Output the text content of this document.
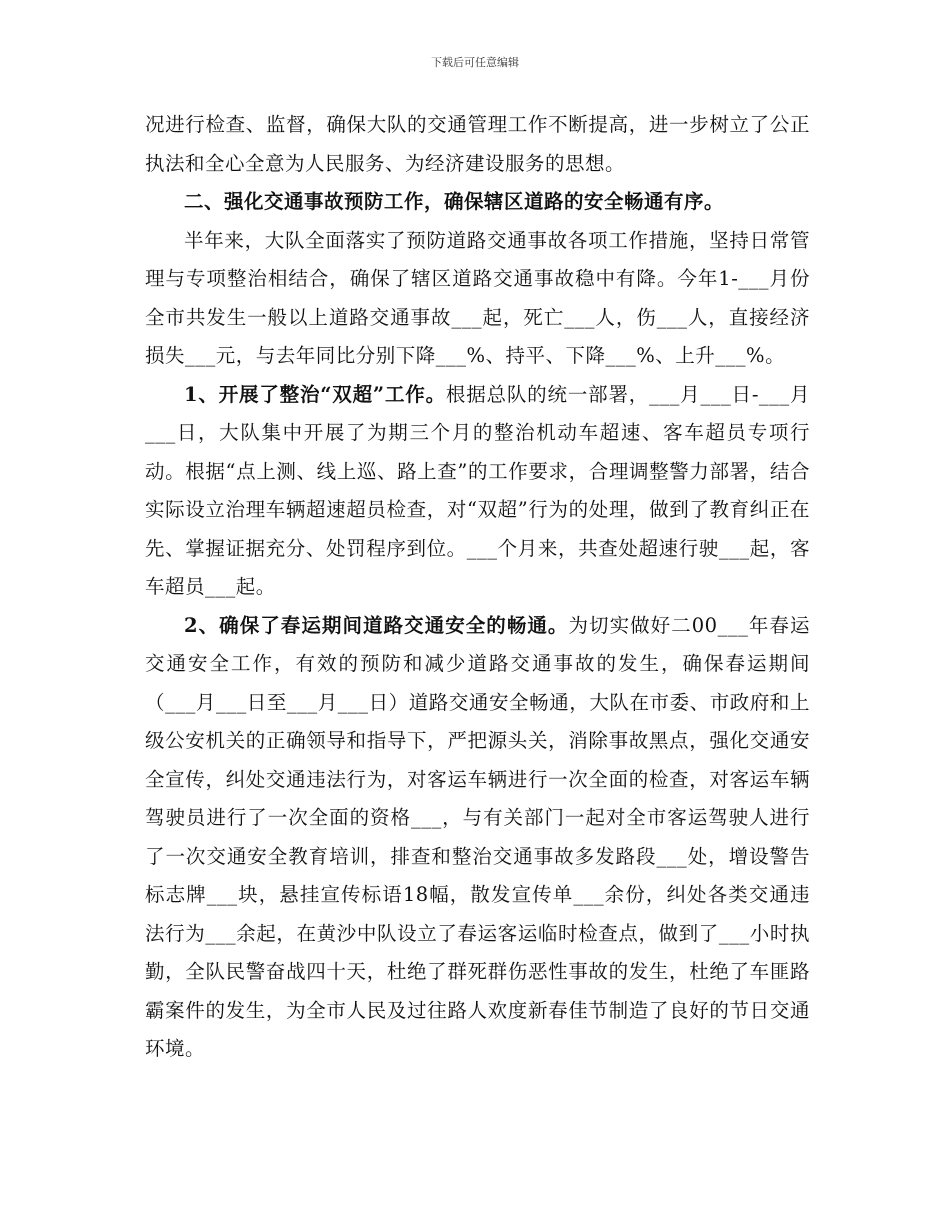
下载后可任意编辑

况进行检查、监督，确保大队的交通管理工作不断提高，进一步树立了公正执法和全心全意为人民服务、为经济建设服务的思想。

二、强化交通事故预防工作，确保辖区道路的安全畅通有序。

半年来，大队全面落实了预防道路交通事故各项工作措施，坚持日常管理与专项整治相结合，确保了辖区道路交通事故稳中有降。今年1-___月份全市共发生一般以上道路交通事故___起，死亡___人，伤___人，直接经济损失___元，与去年同比分别下降___%、持平、下降___%、上升___%。

1、开展了整治“双超”工作。根据总队的统一部署，___月___日-___月___日，大队集中开展了为期三个月的整治机动车超速、客车超员专项行动。根据“点上测、线上巡、路上查”的工作要求，合理调整警力部署，结合实际设立治理车辆超速超员检查，对“双超”行为的处理，做到了教育纠正在先、掌握证据充分、处罚程序到位。___个月来，共查处超速行驶___起，客车超员___起。

2、确保了春运期间道路交通安全的畅通。为切实做好二00___年春运交通安全工作，有效的预防和减少道路交通事故的发生，确保春运期间（___月___日至___月___日）道路交通安全畅通，大队在市委、市政府和上级公安机关的正确领导和指导下，严把源头关，消除事故黑点，强化交通安全宣传，纠处交通违法行为，对客运车辆进行一次全面的检查，对客运车辆驾驶员进行了一次全面的资格___，与有关部门一起对全市客运驾驶人进行了一次交通安全教育培训，排查和整治交通事故多发路段___处，增设警告标志牌___块，悬挂宣传标语18幅，散发宣传单___余份，纠处各类交通违法行为___余起，在黄沙中队设立了春运客运临时检查点，做到了___小时执勤，全队民警奋战四十天，杜绝了群死群伤恶性事故的发生，杜绝了车匪路霸案件的发生，为全市人民及过往路人欢度新春佳节制造了良好的节日交通环境。
